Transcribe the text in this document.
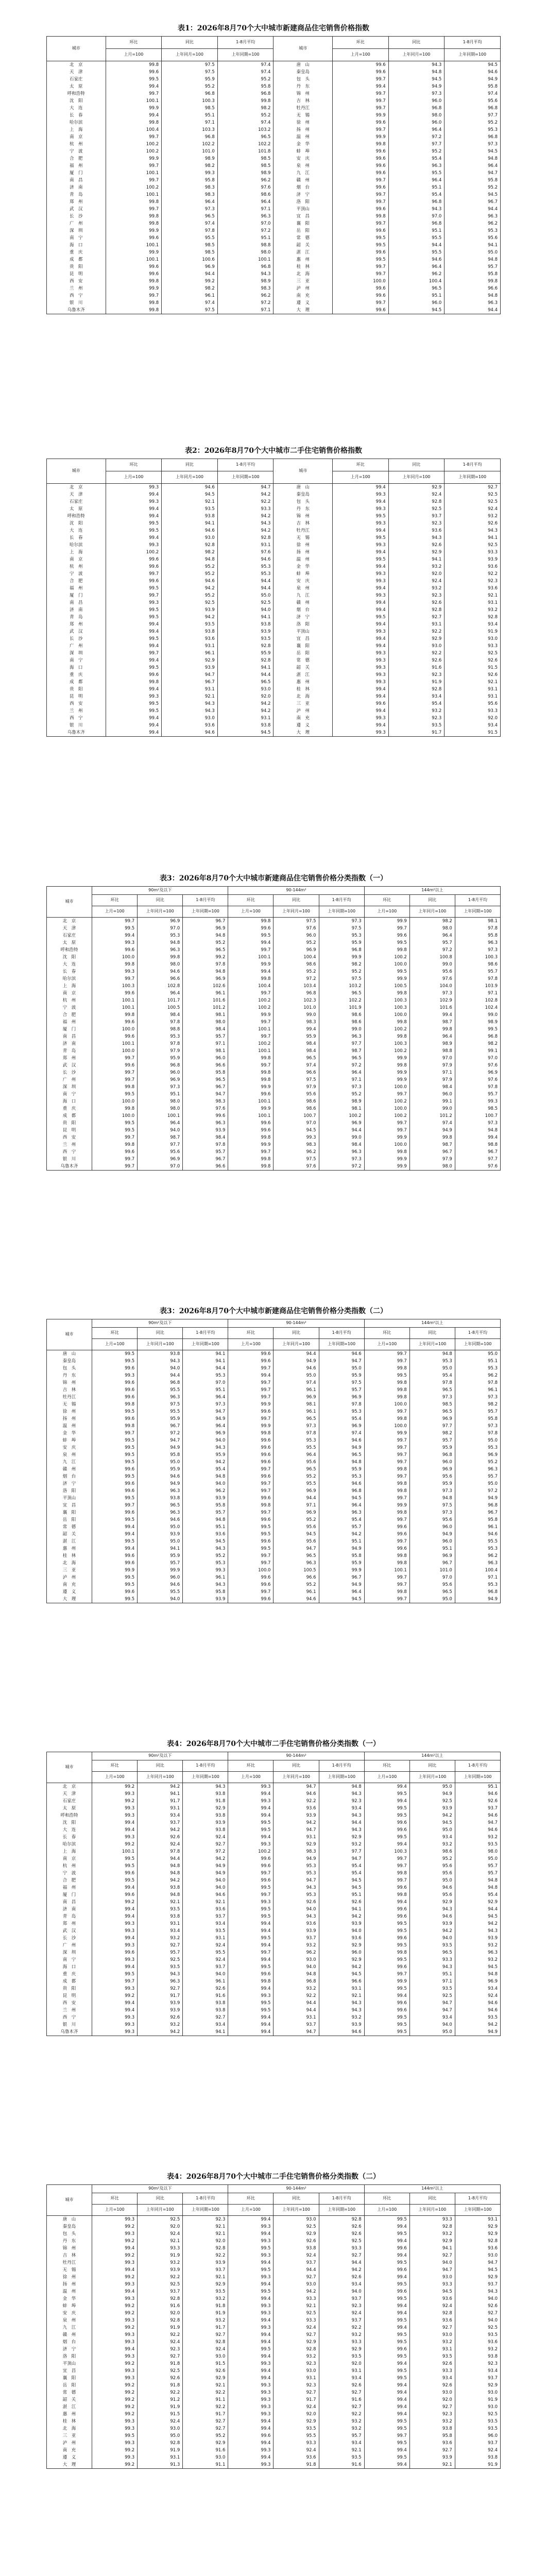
表1：2026年8月70个大中城市新建商品住宅销售价格指数
城市	环比	同比	1-8月平均	城市	环比	同比	1-8月平均
	上月=100	上年同月=100	上年同期=100		上月=100	上年同月=100	上年同期=100
北　京	99.8	97.5	97.4	唐　山	99.6	94.3	94.5
天　津	99.6	97.5	97.4	秦皇岛	99.6	94.8	94.6
石家庄	99.5	95.9	95.2	包　头	99.7	94.5	94.9
太　原	99.4	95.2	95.8	丹　东	99.4	94.9	95.8
呼和浩特	99.7	96.8	96.8	锦　州	99.7	97.3	97.4
沈　阳	100.1	100.3	99.8	吉　林	99.7	96.0	95.6
大　连	99.9	98.5	98.2	牡丹江	99.7	96.8	96.8
长　春	99.4	95.1	95.2	无　锡	99.9	98.0	97.7
哈尔滨	99.8	97.1	97.4	徐　州	99.6	96.0	95.2
上　海	100.4	103.3	103.2	扬　州	99.7	96.4	95.3
南　京	99.7	96.8	96.5	温　州	99.9	97.2	96.8
杭　州	100.2	102.2	102.2	金　华	99.8	97.7	97.3
宁　波	100.2	101.0	101.8	蚌　埠	99.6	95.2	94.5
合　肥	99.9	98.9	98.5	安　庆	99.6	95.4	94.8
福　州	99.7	98.2	98.5	泉　州	99.6	96.3	96.4
厦　门	100.1	99.3	98.9	九　江	99.6	95.5	94.7
南　昌	99.7	95.8	96.2	赣　州	99.7	96.4	95.8
济　南	100.2	98.3	97.6	烟　台	99.6	95.1	95.2
青　岛	100.1	98.3	98.6	济　宁	99.7	95.4	94.5
郑　州	99.8	96.4	96.4	洛　阳	99.7	96.8	96.7
武　汉	99.7	97.3	97.1	平顶山	99.6	94.3	94.4
长　沙	99.8	96.5	96.3	宜　昌	99.8	97.0	96.3
广　州	99.8	97.4	97.0	襄　阳	99.7	96.8	96.2
深　圳	99.9	97.8	97.2	岳　阳	99.6	95.1	95.3
南　宁	99.6	95.5	95.1	常　德	99.5	95.5	95.6
海　口	100.1	98.5	98.8	韶　关	99.5	94.4	94.1
重　庆	99.9	98.5	98.0	湛　江	99.6	95.5	95.0
成　都	100.1	100.6	100.1	惠　州	99.5	94.6	94.8
贵　阳	99.6	96.9	96.8	桂　林	99.7	96.4	95.7
昆　明	99.6	94.4	94.3	北　海	99.7	96.2	95.8
西　安	99.8	99.2	98.9	三　亚	100.0	100.4	99.8
兰　州	99.9	98.2	98.3	泸　州	99.6	96.5	96.6
西　宁	99.7	96.1	96.2	南　充	99.6	95.1	94.8
银　川	99.8	97.4	97.2	遵　义	99.7	96.0	96.3
乌鲁木齐	99.8	97.5	97.1	大　理	99.6	94.5	94.4
表2：2026年8月70个大中城市二手住宅销售价格指数
城市	环比	同比	1-8月平均	城市	环比	同比	1-8月平均
	上月=100	上年同月=100	上年同期=100		上月=100	上年同月=100	上年同期=100
北　京	99.3	94.6	94.7	唐　山	99.4	92.9	92.7
天　津	99.4	94.5	94.2	秦皇岛	99.3	92.4	92.5
石家庄	99.3	92.1	92.2	包　头	99.4	92.8	92.5
太　原	99.4	93.5	93.3	丹　东	99.3	92.5	92.4
呼和浩特	99.4	93.8	94.2	锦　州	99.5	93.7	93.2
沈　阳	99.5	94.1	94.3	吉　林	99.3	92.3	92.6
大　连	99.5	94.6	94.2	牡丹江	99.4	93.6	94.3
长　春	99.4	93.0	92.8	无　锡	99.5	94.3	94.1
哈尔滨	99.3	92.8	93.1	徐　州	99.3	92.6	92.5
上　海	100.2	98.2	97.6	扬　州	99.4	92.9	93.3
南　京	99.6	94.8	94.6	温　州	99.5	94.1	93.9
杭　州	99.6	95.2	95.3	金　华	99.4	93.2	93.6
宁　波	99.7	95.2	95.3	蚌　埠	99.3	92.0	92.2
合　肥	99.6	94.6	94.4	安　庆	99.3	92.4	92.3
福　州	99.5	94.2	94.4	泉　州	99.4	93.2	93.6
厦　门	99.7	95.2	95.0	九　江	99.3	92.3	92.1
南　昌	99.3	92.5	92.5	赣　州	99.4	92.6	93.1
济　南	99.5	93.9	94.0	烟　台	99.4	92.8	93.2
青　岛	99.5	94.2	94.1	济　宁	99.5	92.7	92.8
郑　州	99.4	93.5	93.8	洛　阳	99.4	93.1	93.4
武　汉	99.4	93.8	93.9	平顶山	99.3	92.2	91.9
长　沙	99.5	93.6	93.5	宜　昌	99.4	92.9	93.0
广　州	99.4	93.1	92.8	襄　阳	99.4	93.0	93.3
深　圳	99.7	96.1	95.9	岳　阳	99.3	92.2	92.5
南　宁	99.4	92.9	92.8	常　德	99.3	92.6	92.6
海　口	99.5	93.9	94.1	韶　关	99.3	91.6	91.5
重　庆	99.6	94.7	94.4	湛　江	99.3	92.3	92.6
成　都	99.8	96.7	96.5	惠　州	99.3	91.9	92.1
贵　阳	99.4	93.1	93.0	桂　林	99.4	92.8	93.1
昆　明	99.3	92.1	92.0	北　海	99.4	93.4	93.1
西　安	99.5	94.3	94.2	三　亚	99.6	95.4	95.6
兰　州	99.5	94.3	94.2	泸　州	99.4	93.2	93.3
西　宁	99.4	93.0	93.1	南　充	99.3	92.3	92.0
银　川	99.4	93.6	93.8	遵　义	99.4	93.5	93.4
乌鲁木齐	99.4	94.6	94.5	大　理	99.3	91.7	91.5
表3：2026年8月70个大中城市新建商品住宅销售价格分类指数（一）
城市	90m²及以下			90-144m²			144m²以上		
	环比	同比	1-8月平均	环比	同比	1-8月平均	环比	同比	1-8月平均
	上月=100	上年同月=100	上年同期=100	上月=100	上年同月=100	上年同期=100	上月=100	上年同月=100	上年同期=100
北　京	99.7	96.9	96.7	99.8	97.5	97.3	99.9	98.2	98.1
天　津	99.5	97.0	96.9	99.6	97.6	97.5	99.7	98.0	97.8
石家庄	99.4	95.3	94.8	99.5	96.0	95.3	99.6	96.4	95.8
太　原	99.3	94.8	95.2	99.4	95.2	95.9	99.5	95.7	96.3
呼和浩特	99.6	96.3	96.5	99.7	96.9	96.8	99.8	97.2	97.3
沈　阳	100.0	99.8	99.2	100.1	100.4	99.9	100.2	100.8	100.3
大　连	99.8	98.0	97.8	99.9	98.6	98.2	100.0	99.0	98.6
长　春	99.3	94.6	94.8	99.4	95.2	95.2	99.5	95.6	95.7
哈尔滨	99.7	96.6	96.9	99.8	97.2	97.5	99.9	97.6	97.8
上　海	100.3	102.8	102.6	100.4	103.4	103.2	100.5	104.0	103.9
南　京	99.6	96.4	96.1	99.7	96.8	96.5	99.8	97.3	97.1
杭　州	100.1	101.7	101.6	100.2	102.3	102.2	100.3	102.9	102.8
宁　波	100.1	100.5	101.2	100.2	101.0	101.9	100.3	101.6	102.4
合　肥	99.8	98.4	98.1	99.9	99.0	98.6	100.0	99.4	99.0
福　州	99.6	97.8	98.0	99.7	98.3	98.6	99.8	98.7	98.9
厦　门	100.0	98.8	98.4	100.1	99.4	99.0	100.2	99.8	99.5
南　昌	99.6	95.3	95.7	99.7	95.9	96.3	99.8	96.4	96.8
济　南	100.1	97.8	97.1	100.2	98.4	97.7	100.3	98.9	98.2
青　岛	100.0	97.9	98.1	100.1	98.4	98.7	100.2	98.8	99.1
郑　州	99.7	95.9	96.0	99.8	96.5	96.5	99.9	97.0	97.0
武　汉	99.6	96.8	96.6	99.7	97.4	97.2	99.8	97.9	97.6
长　沙	99.7	96.0	95.8	99.8	96.6	96.4	99.9	97.1	96.9
广　州	99.7	96.9	96.5	99.8	97.5	97.1	99.9	97.9	97.6
深　圳	99.8	97.3	96.7	99.9	97.9	97.3	100.0	98.4	97.8
南　宁	99.5	95.1	94.7	99.6	95.6	95.2	99.7	96.0	95.7
海　口	100.0	98.0	98.3	100.1	98.6	98.9	100.2	99.1	99.3
重　庆	99.8	98.0	97.6	99.9	98.6	98.1	100.0	99.0	98.5
成　都	100.0	100.1	99.6	100.1	100.7	100.2	100.2	101.2	100.7
贵　阳	99.5	96.4	96.3	99.6	97.0	96.9	99.7	97.4	97.3
昆　明	99.5	94.0	93.9	99.6	94.5	94.4	99.7	94.9	94.8
西　安	99.7	98.7	98.4	99.8	99.3	99.0	99.9	99.8	99.4
兰　州	99.8	97.7	97.8	99.9	98.3	98.4	100.0	98.7	98.8
西　宁	99.6	95.6	95.7	99.7	96.2	96.3	99.8	96.7	96.7
银　川	99.7	96.9	96.7	99.8	97.5	97.3	99.9	97.9	97.7
乌鲁木齐	99.7	97.0	96.6	99.8	97.6	97.2	99.9	98.0	97.6
表3：2026年8月70个大中城市新建商品住宅销售价格分类指数（二）
城市	90m²及以下			90-144m²			144m²以上		
	环比	同比	1-8月平均	环比	同比	1-8月平均	环比	同比	1-8月平均
	上月=100	上年同月=100	上年同期=100	上月=100	上年同月=100	上年同期=100	上月=100	上年同月=100	上年同期=100
唐　山	99.5	93.8	94.1	99.6	94.4	94.6	99.7	94.8	95.0
秦皇岛	99.5	94.3	94.1	99.6	94.9	94.7	99.7	95.3	95.1
包　头	99.6	94.0	94.4	99.7	94.6	95.0	99.8	95.0	95.3
丹　东	99.3	94.4	95.3	99.4	95.0	95.9	99.5	95.4	96.2
锦　州	99.6	96.8	97.0	99.7	97.4	97.5	99.8	97.8	97.8
吉　林	99.6	95.5	95.1	99.7	96.1	95.7	99.8	96.5	96.1
牡丹江	99.6	96.3	96.4	99.7	96.9	96.9	99.8	97.3	97.3
无　锡	99.8	97.5	97.3	99.9	98.1	97.8	100.0	98.5	98.2
徐　州	99.5	95.5	94.7	99.6	96.1	95.3	99.7	96.5	95.7
扬　州	99.6	95.9	94.9	99.7	96.5	95.4	99.8	96.9	95.8
温　州	99.8	96.7	96.4	99.9	97.3	96.9	100.0	97.7	97.3
金　华	99.7	97.2	96.9	99.8	97.8	97.4	99.9	98.2	97.8
蚌　埠	99.5	94.7	94.0	99.6	95.3	94.6	99.7	95.7	95.0
安　庆	99.5	94.9	94.3	99.6	95.5	94.9	99.7	95.9	95.3
泉　州	99.5	95.8	95.9	99.6	96.4	96.5	99.7	96.8	96.9
九　江	99.5	95.0	94.2	99.6	95.6	94.8	99.7	96.0	95.2
赣　州	99.6	95.9	95.4	99.7	96.5	95.9	99.8	96.9	96.3
烟　台	99.5	94.6	94.8	99.6	95.2	95.3	99.7	95.6	95.7
济　宁	99.6	94.9	94.0	99.7	95.5	94.6	99.8	95.9	95.0
洛　阳	99.6	96.3	96.2	99.7	96.9	96.8	99.8	97.3	97.2
平顶山	99.5	93.8	93.9	99.6	94.4	94.5	99.7	94.8	94.9
宜　昌	99.7	96.5	95.8	99.8	97.1	96.4	99.9	97.5	96.8
襄　阳	99.6	96.3	95.7	99.7	96.9	96.3	99.8	97.3	96.7
岳　阳	99.5	94.6	94.8	99.6	95.2	95.4	99.7	95.6	95.8
常　德	99.4	95.0	95.1	99.5	95.6	95.7	99.6	96.0	96.1
韶　关	99.4	93.9	93.6	99.5	94.5	94.2	99.6	94.9	94.6
湛　江	99.5	95.0	94.5	99.6	95.6	95.1	99.7	96.0	95.5
惠　州	99.4	94.1	94.3	99.5	94.7	94.9	99.6	95.1	95.3
桂　林	99.6	95.9	95.2	99.7	96.5	95.8	99.8	96.9	96.2
北　海	99.6	95.7	95.3	99.7	96.3	95.9	99.8	96.7	96.3
三　亚	99.9	99.9	99.3	100.0	100.5	99.9	100.1	101.0	100.4
泸　州	99.5	96.0	96.1	99.6	96.6	96.7	99.7	97.0	97.1
南　充	99.5	94.6	94.3	99.6	95.2	94.9	99.7	95.6	95.3
遵　义	99.6	95.5	95.8	99.7	96.1	96.4	99.8	96.5	96.8
大　理	99.5	94.0	93.9	99.6	94.6	94.5	99.7	95.0	94.9
表4：2026年8月70个大中城市二手住宅销售价格分类指数（一）
城市	90m²及以下			90-144m²			144m²以上		
	环比	同比	1-8月平均	环比	同比	1-8月平均	环比	同比	1-8月平均
	上月=100	上年同月=100	上年同期=100	上月=100	上年同月=100	上年同期=100	上月=100	上年同月=100	上年同期=100
北　京	99.2	94.2	94.3	99.3	94.7	94.8	99.4	95.0	95.1
天　津	99.3	94.1	93.8	99.4	94.6	94.3	99.5	94.9	94.6
石家庄	99.2	91.7	91.8	99.3	92.2	92.3	99.4	92.5	92.6
太　原	99.3	93.1	92.9	99.4	93.6	93.4	99.5	93.9	93.7
呼和浩特	99.3	93.4	93.8	99.4	93.9	94.3	99.5	94.2	94.6
沈　阳	99.4	93.7	93.9	99.5	94.2	94.4	99.6	94.5	94.7
大　连	99.4	94.2	93.8	99.5	94.7	94.3	99.6	95.0	94.6
长　春	99.3	92.6	92.4	99.4	93.1	92.9	99.5	93.4	93.2
哈尔滨	99.2	92.4	92.7	99.3	92.9	93.2	99.4	93.2	93.5
上　海	100.1	97.8	97.2	100.2	98.3	97.7	100.3	98.6	98.0
南　京	99.5	94.4	94.2	99.6	94.9	94.7	99.7	95.2	95.0
杭　州	99.5	94.8	94.9	99.6	95.3	95.4	99.7	95.6	95.7
宁　波	99.6	94.8	94.9	99.7	95.3	95.4	99.8	95.6	95.7
合　肥	99.5	94.2	94.0	99.6	94.7	94.5	99.7	95.0	94.8
福　州	99.4	93.8	94.0	99.5	94.3	94.5	99.6	94.6	94.8
厦　门	99.6	94.8	94.6	99.7	95.3	95.1	99.8	95.6	95.4
南　昌	99.2	92.1	92.1	99.3	92.6	92.6	99.4	92.9	92.9
济　南	99.4	93.5	93.6	99.5	94.0	94.1	99.6	94.3	94.4
青　岛	99.4	93.8	93.7	99.5	94.3	94.2	99.6	94.6	94.5
郑　州	99.3	93.1	93.4	99.4	93.6	93.9	99.5	93.9	94.2
武　汉	99.3	93.4	93.5	99.4	93.9	94.0	99.5	94.2	94.3
长　沙	99.4	93.2	93.1	99.5	93.7	93.6	99.6	94.0	93.9
广　州	99.3	92.7	92.4	99.4	93.2	92.9	99.5	93.5	93.2
深　圳	99.6	95.7	95.5	99.7	96.2	96.0	99.8	96.5	96.3
南　宁	99.3	92.5	92.4	99.4	93.0	92.9	99.5	93.3	93.2
海　口	99.4	93.5	93.7	99.5	94.0	94.2	99.6	94.3	94.5
重　庆	99.5	94.3	94.0	99.6	94.8	94.5	99.7	95.1	94.8
成　都	99.7	96.3	96.1	99.8	96.8	96.6	99.9	97.1	96.9
贵　阳	99.3	92.7	92.6	99.4	93.2	93.1	99.5	93.5	93.4
昆　明	99.2	91.7	91.6	99.3	92.2	92.1	99.4	92.5	92.4
西　安	99.4	93.9	93.8	99.5	94.4	94.3	99.6	94.7	94.6
兰　州	99.4	93.9	93.8	99.5	94.4	94.3	99.6	94.7	94.6
西　宁	99.3	92.6	92.7	99.4	93.1	93.2	99.5	93.4	93.5
银　川	99.3	93.2	93.4	99.4	93.7	93.9	99.5	94.0	94.2
乌鲁木齐	99.3	94.2	94.1	99.4	94.7	94.6	99.5	95.0	94.9
表4：2026年8月70个大中城市二手住宅销售价格分类指数（二）
城市	90m²及以下			90-144m²			144m²以上		
	环比	同比	1-8月平均	环比	同比	1-8月平均	环比	同比	1-8月平均
	上月=100	上年同月=100	上年同期=100	上月=100	上年同月=100	上年同期=100	上月=100	上年同月=100	上年同期=100
唐　山	99.3	92.5	92.3	99.4	93.0	92.8	99.5	93.3	93.1
秦皇岛	99.2	92.0	92.1	99.3	92.5	92.6	99.4	92.8	92.9
包　头	99.3	92.4	92.1	99.4	92.9	92.6	99.5	93.2	92.9
丹　东	99.2	92.1	92.0	99.3	92.6	92.5	99.4	92.9	92.8
锦　州	99.4	93.3	92.8	99.5	93.8	93.3	99.6	94.1	93.6
吉　林	99.2	91.9	92.2	99.3	92.4	92.7	99.4	92.7	93.0
牡丹江	99.3	93.2	93.9	99.4	93.7	94.4	99.5	94.0	94.7
无　锡	99.4	93.9	93.7	99.5	94.4	94.2	99.6	94.7	94.5
徐　州	99.2	92.2	92.1	99.3	92.7	92.6	99.4	93.0	92.9
扬　州	99.3	92.5	92.9	99.4	93.0	93.4	99.5	93.3	93.7
温　州	99.4	93.7	93.5	99.5	94.2	94.0	99.6	94.5	94.3
金　华	99.3	92.8	93.2	99.4	93.3	93.7	99.5	93.6	94.0
蚌　埠	99.2	91.6	91.8	99.3	92.1	92.3	99.4	92.4	92.6
安　庆	99.2	92.0	91.9	99.3	92.5	92.4	99.4	92.8	92.7
泉　州	99.3	92.8	93.2	99.4	93.3	93.7	99.5	93.6	94.0
九　江	99.2	91.9	91.7	99.3	92.4	92.2	99.4	92.7	92.5
赣　州	99.3	92.2	92.7	99.4	92.7	93.2	99.5	93.0	93.5
烟　台	99.3	92.4	92.8	99.4	92.9	93.3	99.5	93.2	93.6
济　宁	99.4	92.3	92.4	99.5	92.8	92.9	99.6	93.1	93.2
洛　阳	99.3	92.7	93.0	99.4	93.2	93.5	99.5	93.5	93.8
平顶山	99.2	91.8	91.5	99.3	92.3	92.0	99.4	92.6	92.3
宜　昌	99.3	92.5	92.6	99.4	93.0	93.1	99.5	93.3	93.4
襄　阳	99.3	92.6	92.9	99.4	93.1	93.4	99.5	93.4	93.7
岳　阳	99.2	91.8	92.1	99.3	92.3	92.6	99.4	92.6	92.9
常　德	99.2	92.2	92.2	99.3	92.7	92.7	99.4	93.0	93.0
韶　关	99.2	91.2	91.1	99.3	91.7	91.6	99.4	92.0	91.9
湛　江	99.2	91.9	92.2	99.3	92.4	92.7	99.4	92.7	93.0
惠　州	99.2	91.5	91.7	99.3	92.0	92.2	99.4	92.3	92.5
桂　林	99.3	92.4	92.7	99.4	92.9	93.2	99.5	93.2	93.5
北　海	99.3	93.0	92.7	99.4	93.5	93.2	99.5	93.8	93.5
三　亚	99.5	95.0	95.2	99.6	95.5	95.7	99.7	95.8	96.0
泸　州	99.3	92.8	92.9	99.4	93.3	93.4	99.5	93.6	93.7
南　充	99.2	91.9	91.6	99.3	92.4	92.1	99.4	92.7	92.4
遵　义	99.3	93.1	93.0	99.4	93.6	93.5	99.5	93.9	93.8
大　理	99.2	91.3	91.1	99.3	91.8	91.6	99.4	92.1	91.9
